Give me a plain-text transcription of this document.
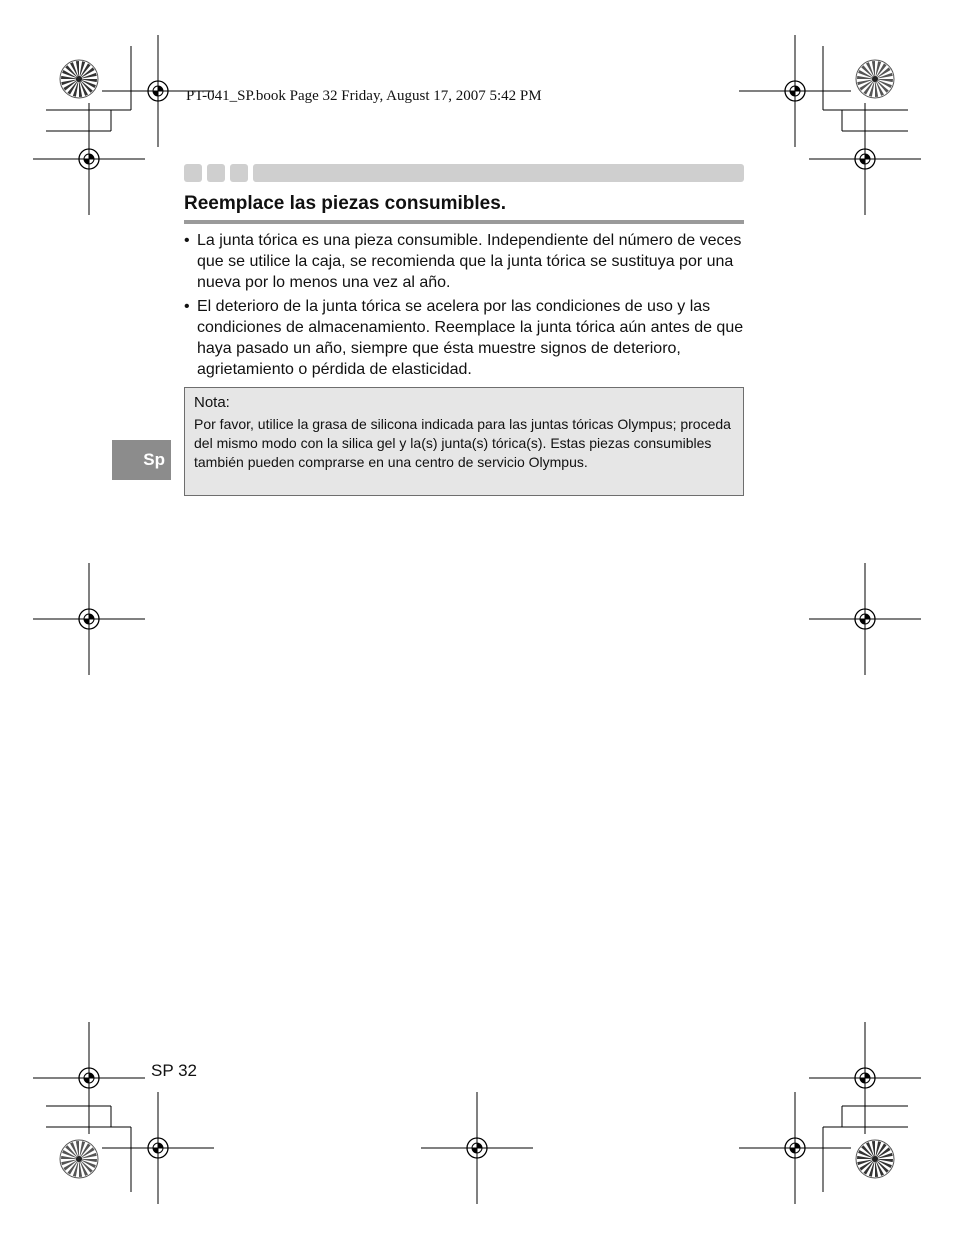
PT-041_SP.book Page 32 Friday, August 17, 2007 5:42 PM

Reemplace las piezas consumibles.
• La junta tórica es una pieza consumible. Independiente del número de veces que se utilice la caja, se recomienda que la junta tórica se sustituya por una nueva por lo menos una vez al año.
• El deterioro de la junta tórica se acelera por las condiciones de uso y las condiciones de almacenamiento. Reemplace la junta tórica aún antes de que haya pasado un año, siempre que ésta muestre signos de deterioro, agrietamiento o pérdida de elasticidad.
Nota:
Por favor, utilice la grasa de silicona indicada para las juntas tóricas Olympus; proceda del mismo modo con la silica gel y la(s) junta(s) tórica(s). Estas piezas consumibles también pueden comprarse en una centro de servicio Olympus.
Sp
SP 32
